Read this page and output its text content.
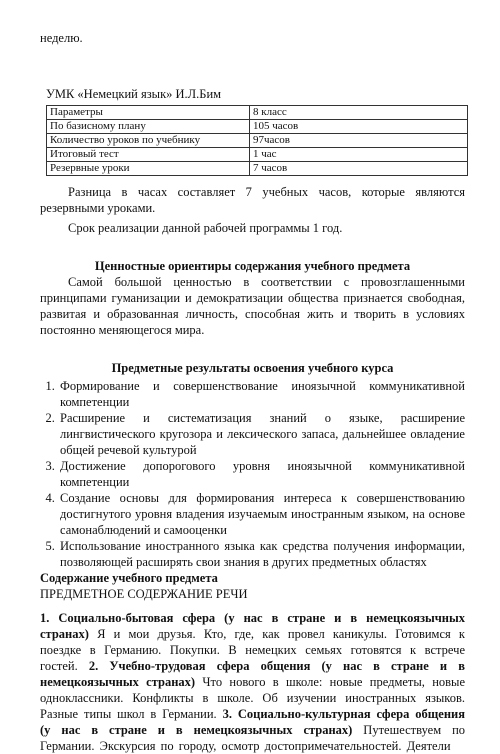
неделю.

УМК «Немецкий язык» И.Л.Бим

Параметры	8 класс
По базисному плану	105 часов
Количество уроков по учебнику	97часов
Итоговый тест	1 час
Резервные уроки	7 часов

Разница в часах составляет 7 учебных часов, которые являются резервными уроками.

Срок реализации данной рабочей программы 1 год.

Ценностные ориентиры содержания учебного предмета

Самой большой ценностью в соответствии с провозглашенными принципами гуманизации и демократизации общества признается свободная, развитая и образованная личность, способная жить и творить в условиях постоянно меняющегося мира.

Предметные результаты освоения учебного курса

1. Формирование и совершенствование иноязычной коммуникативной компетенции
2. Расширение и систематизация знаний о языке, расширение лингвистического кругозора и лексического запаса, дальнейшее овладение общей речевой культурой
3. Достижение допорогового уровня иноязычной коммуникативной компетенции
4. Создание основы для формирования интереса к совершенствованию достигнутого уровня владения изучаемым иностранным языком, на основе самонаблюдений и самооценки
5. Использование иностранного языка как средства получения информации, позволяющей расширять свои знания в других предметных областях

Содержание учебного предмета

ПРЕДМЕТНОЕ СОДЕРЖАНИЕ РЕЧИ

1. Социально-бытовая сфера (у нас в стране и в немецкоязычных странах) Я и мои друзья. Кто, где, как провел каникулы. Готовимся к поездке в Германию. Покупки. В немецких семьях готовятся к встрече гостей. 2. Учебно-трудовая сфера общения (у нас в стране и в немецкоязычных странах) Что нового в школе: новые предметы, новые одноклассники. Конфликты в школе. Об изучении иностранных языков. Разные типы школ в Германии. 3. Социально-культурная сфера общения (у нас в стране и в немецкоязычных странах) Путешествуем по Германии. Экскурсия по городу, осмотр достопримечательностей. Деятели
